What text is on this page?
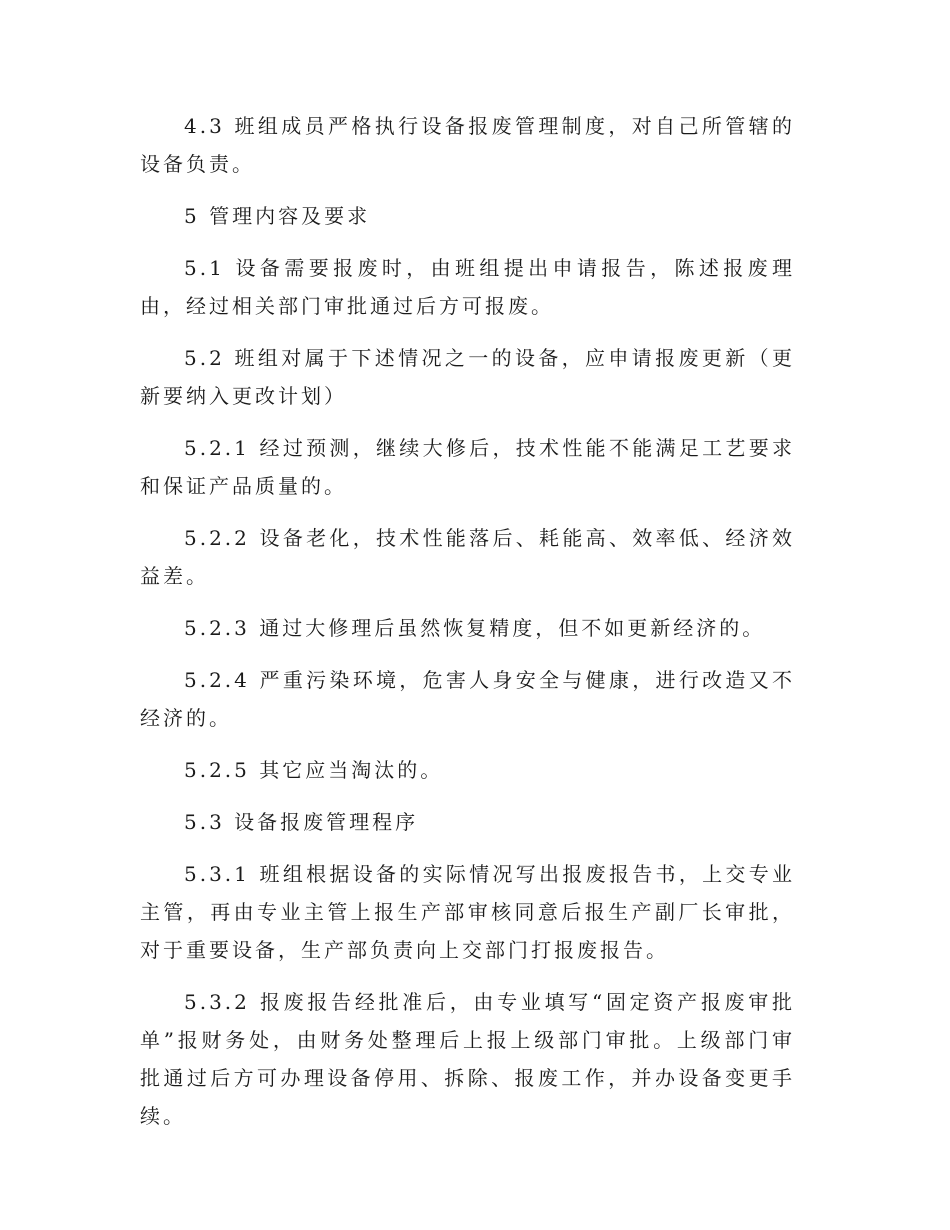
4.3 班组成员严格执行设备报废管理制度，对自己所管辖的设备负责。

5 管理内容及要求

5.1 设备需要报废时，由班组提出申请报告，陈述报废理由，经过相关部门审批通过后方可报废。

5.2 班组对属于下述情况之一的设备，应申请报废更新（更新要纳入更改计划）

5.2.1 经过预测，继续大修后，技术性能不能满足工艺要求和保证产品质量的。

5.2.2 设备老化，技术性能落后、耗能高、效率低、经济效益差。

5.2.3 通过大修理后虽然恢复精度，但不如更新经济的。

5.2.4 严重污染环境，危害人身安全与健康，进行改造又不经济的。

5.2.5 其它应当淘汰的。

5.3 设备报废管理程序

5.3.1 班组根据设备的实际情况写出报废报告书，上交专业主管，再由专业主管上报生产部审核同意后报生产副厂长审批，对于重要设备，生产部负责向上交部门打报废报告。

5.3.2 报废报告经批准后，由专业填写“固定资产报废审批单”报财务处，由财务处整理后上报上级部门审批。上级部门审批通过后方可办理设备停用、拆除、报废工作，并办设备变更手续。
